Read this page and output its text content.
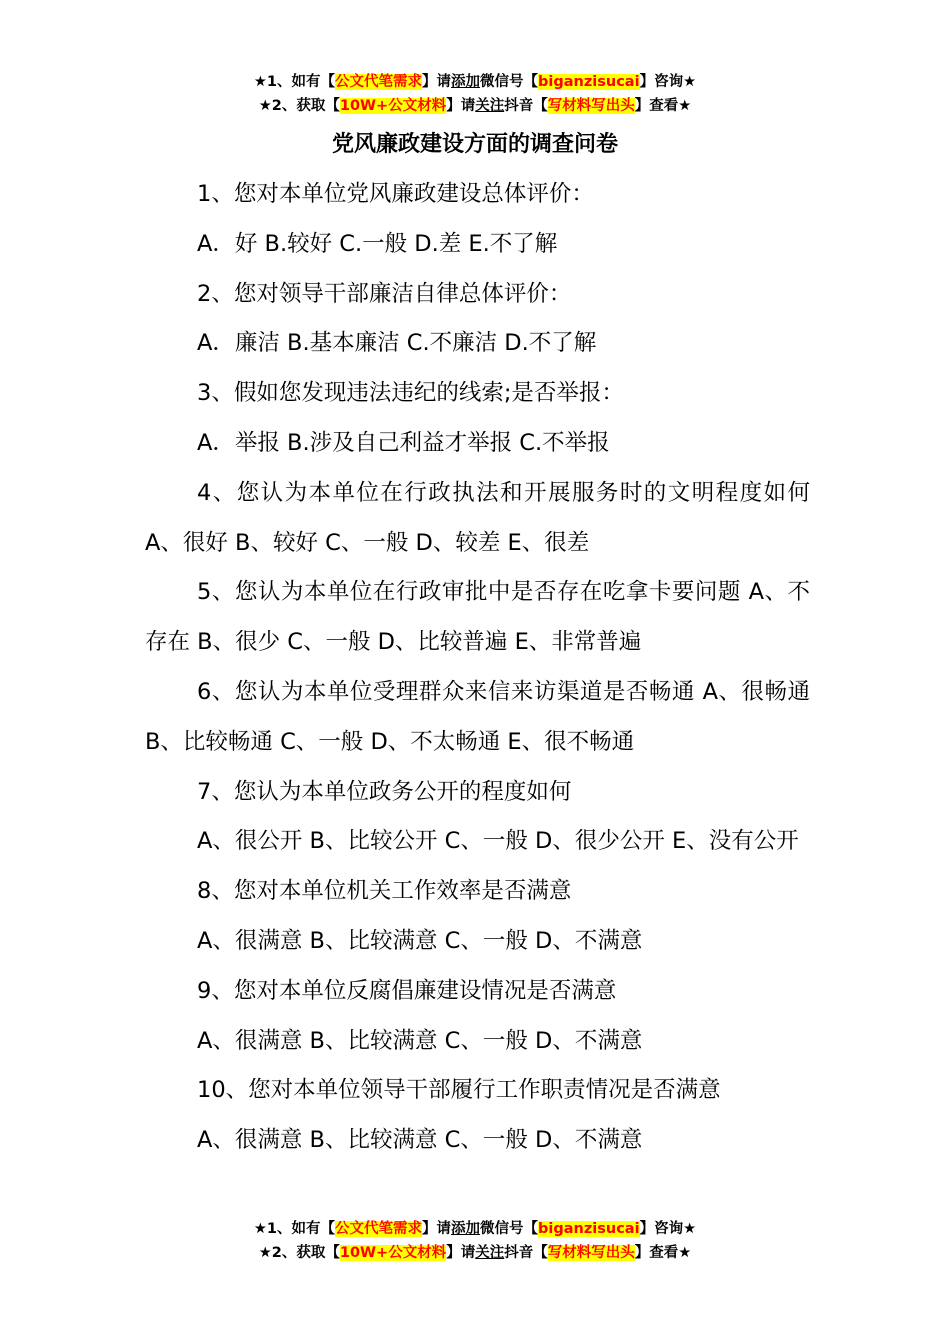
★1、如有【公文代笔需求】请添加微信号【biganzisucai】咨询★
★2、获取【10W+公文材料】请关注抖音【写材料写出头】查看★
党风廉政建设方面的调查问卷

1、您对本单位党风廉政建设总体评价：

A．好 B.较好 C.一般 D.差 E.不了解

2、您对领导干部廉洁自律总体评价：

A．廉洁 B.基本廉洁 C.不廉洁 D.不了解

3、假如您发现违法违纪的线索;是否举报：

A．举报 B.涉及自己利益才举报 C.不举报

4、您认为本单位在行政执法和开展服务时的文明程度如何 A、很好 B、较好 C、一般 D、较差 E、很差

5、您认为本单位在行政审批中是否存在吃拿卡要问题 A、不存在 B、很少 C、一般 D、比较普遍 E、非常普遍

6、您认为本单位受理群众来信来访渠道是否畅通 A、很畅通 B、比较畅通 C、一般 D、不太畅通 E、很不畅通

7、您认为本单位政务公开的程度如何

A、很公开 B、比较公开 C、一般 D、很少公开 E、没有公开

8、您对本单位机关工作效率是否满意

A、很满意 B、比较满意 C、一般 D、不满意

9、您对本单位反腐倡廉建设情况是否满意

A、很满意 B、比较满意 C、一般 D、不满意

10、您对本单位领导干部履行工作职责情况是否满意

A、很满意 B、比较满意 C、一般 D、不满意

★1、如有【公文代笔需求】请添加微信号【biganzisucai】咨询★
★2、获取【10W+公文材料】请关注抖音【写材料写出头】查看★
